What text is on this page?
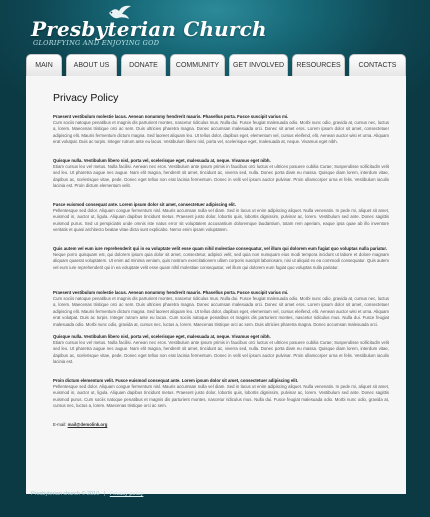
Presbyterian Church
GLORIFYING AND ENJOYING GOD
MAIN	ABOUT US	DONATE	COMMUNITY GET INVOLVED RESOURCES	CONTACTS
Privacy Policy

Praesent vestibulum molestie lacus. Aenean nonummy hendrerit mauris. Phasellus porta. Fusce suscipit varius mi.

Cum sociis natoque penatibus et magnis dis parturient montes, nascetur ridiculus mus. Nulla dui. Fusce feugiat malesuada odio. Morbi nunc odio, gravida at, cursus nec, luctus a, lorem. Maecenas tristique orci ac sem. Duis ultricies pharetra magna. Donec accumsan malesuada orci. Donec sit amet eros. Lorem ipsum dolor sit amet, consectetuer adipiscing elit. Mauris fermentum dictum magna. Sed laoreet aliquam leo. Ut tellus dolor, dapibus eget, elementum vel, cursus eleifend, elit. Aenean auctor wisi et urna. Aliquam erat volutpat. Duis ac turpis. Integer rutrum ante eu lacus. Vestibulum libero nisl, porta vel, scelerisque eget, malesuada at, neque. Vivamus eget nibh.

Quisque nulla. Vestibulum libero nisl, porta vel, scelerisque eget, malesuada at, neque. Vivamus eget nibh.

Etiam cursus leo vel metus. Nulla facilisi. Aenean nec eros. Vestibulum ante ipsum primis in faucibus orci luctus et ultrices posuere cubilia Curae; Suspendisse sollicitudin velit sed leo. Ut pharetra augue nec augue. Nam elit magna, hendrerit sit amet, tincidunt ac, viverra sed, nulla. Donec porta diam eu massa. Quisque diam lorem, interdum vitae, dapibus ac, scelerisque vitae, pede. Donec eget tellus non erat lacinia fermentum. Donec in velit vel ipsum auctor pulvinar. Proin ullamcorper urna et felis. Vestibulum iaculis lacinia est. Proin dictum elementum velit.

Fusce euismod consequat ante. Lorem ipsum dolor sit amet, consectetuer adipiscing elit.

Pellentesque sed dolor. Aliquam congue fermentum nisl. Mauris accumsan nulla vel diam. Sed in lacus ut enim adipiscing aliquet. Nulla venenatis. In pede mi, aliquet sit amet, euismod in, auctor ut, ligula. Aliquam dapibus tincidunt metus. Praesent justo dolor, lobortis quis, lobortis dignissim, pulvinar ac, lorem. Vestibulum sed ante. Donec sagittis euismod purus. Sed ut perspiciatis unde omnis iste natus error sit voluptatem accusantium doloremque laudantium, totam rem aperiam, eaque ipsa quae ab illo inventore veritatis et quasi architecto beatae vitae dicta sunt explicabo. Nemo enim ipsam voluptatem.

Quis autem vel eum iure reprehenderit qui in ea voluptate velit esse quam nihil molestiae consequatur, vel illum qui dolorem eum fugiat quo voluptas nulla pariatur.

Neque porro quisquam est, qui dolorem ipsum quia dolor sit amet, consectetur, adipisci velit, sed quia non numquam eius modi tempora incidunt ut labore et dolore magnam aliquam quaerat voluptatem. Ut enim ad minima veniam, quis nostrum exercitationem ullam corporis suscipit laboriosam, nisi ut aliquid ex ea commodi consequatur. Quis autem vel eum iure reprehenderit qui in ea voluptate velit esse quam nihil molestiae consequatur, vel illum qui dolorem eum fugiat quo voluptas nulla pariatur.

Praesent vestibulum molestie lacus. Aenean nonummy hendrerit mauris. Phasellus porta. Fusce suscipit varius mi.

Cum sociis natoque penatibus et magnis dis parturient montes, nascetur ridiculus mus. Nulla dui. Fusce feugiat malesuada odio. Morbi nunc odio, gravida at, cursus nec, luctus a, lorem. Maecenas tristique orci ac sem. Duis ultricies pharetra magna. Donec accumsan malesuada orci. Donec sit amet eros. Lorem ipsum dolor sit amet, consectetuer adipiscing elit. Mauris fermentum dictum magna. Sed laoreet aliquam leo. Ut tellus dolor, dapibus eget, elementum vel, cursus eleifend, elit. Aenean auctor wisi et urna. Aliquam erat volutpat. Duis ac turpis. Integer rutrum ante eu lacus. Cum sociis natoque penatibus et magnis dis parturient montes, nascetur ridiculus mus. Nulla dui. Fusce feugiat malesuada odio. Morbi nunc odio, gravida at, cursus nec, luctus a, lorem. Maecenas tristique orci ac sem. Duis ultricies pharetra magna. Donec accumsan malesuada orci.

Quisque nulla. Vestibulum libero nisl, porta vel, scelerisque eget, malesuada at, neque. Vivamus eget nibh.

Etiam cursus leo vel metus. Nulla facilisi. Aenean nec eros. Vestibulum ante ipsum primis in faucibus orci luctus et ultrices posuere cubilia Curae; Suspendisse sollicitudin velit sed leo. Ut pharetra augue nec augue. Nam elit magna, hendrerit sit amet, tincidunt ac, viverra sed, nulla. Donec porta diam eu massa. Quisque diam lorem, interdum vitae, dapibus ac, scelerisque vitae, pede. Donec eget tellus non erat lacinia fermentum. Donec in velit vel ipsum auctor pulvinar. Proin ullamcorper urna et felis. Vestibulum iaculis lacinia est.

Proin dictum elementum velit. Fusce euismod consequat ante. Lorem ipsum dolor sit amet, consectetuer adipiscing elit.

Pellentesque sed dolor. Aliquam congue fermentum nisl. Mauris accumsan nulla vel diam. Sed in lacus ut enim adipiscing aliquet. Nulla venenatis. In pede mi, aliquet sit amet, euismod in, auctor ut, ligula. Aliquam dapibus tincidunt metus. Praesent justo dolor, lobortis quis, lobortis dignissim, pulvinar ac, lorem. Vestibulum sed ante. Donec sagittis euismod purus. Cum sociis natoque penatibus et magnis dis parturient montes, nascetur ridiculus mus. Nulla dui. Fusce feugiat malesuada odio. Morbi nunc odio, gravida at, cursus nec, luctus a, lorem. Maecenas tristique orci ac sem.

E-mail: mail@demolink.org
Presbyterian church © 2010 | Privacy policy
